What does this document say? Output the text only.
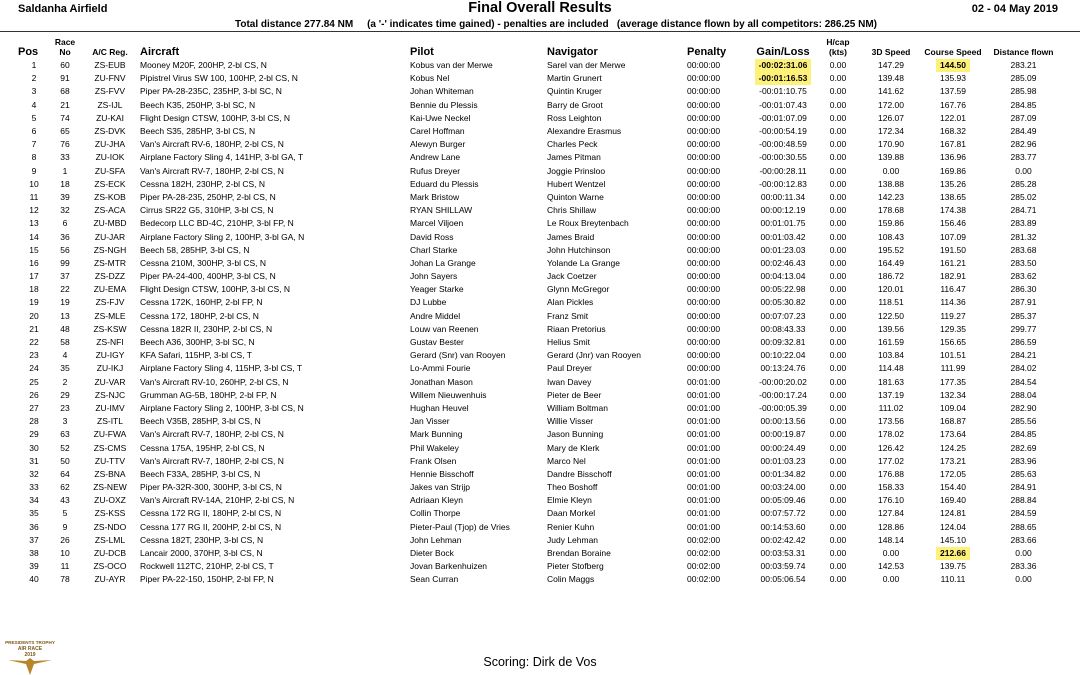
Saldanha Airfield	Final Overall Results	02 - 04 May 2019
Total distance 277.84 NM     (a '-' indicates time gained) - penalties are included   (average distance flown by all competitors: 286.25 NM)
Pos	Race No	A/C Reg.	Aircraft	Pilot	Navigator	Penalty	Gain/Loss	H/cap (kts)	3D Speed	Course Speed	Distance flown
1	60	ZS-EUB	Mooney M20F, 200HP, 2-bl CS, N	Kobus van der Merwe	Sarel van der Merwe	00:00:00	-00:02:31.06	0.00	147.29	144.50	283.21
2	91	ZU-FNV	Pipistrel Virus SW 100, 100HP, 2-bl CS, N	Kobus Nel	Martin Grunert	00:00:00	-00:01:16.53	0.00	139.48	135.93	285.09
3	68	ZS-FVV	Piper PA-28-235C, 235HP, 3-bl SC, N	Johan Whiteman	Quintin Kruger	00:00:00	-00:01:10.75	0.00	141.62	137.59	285.98
4	21	ZS-IJL	Beech K35, 250HP, 3-bl SC, N	Bennie du Plessis	Barry de Groot	00:00:00	-00:01:07.43	0.00	172.00	167.76	284.85
5	74	ZU-KAI	Flight Design CTSW, 100HP, 3-bl CS, N	Kai-Uwe Neckel	Ross Leighton	00:00:00	-00:01:07.09	0.00	126.07	122.01	287.09
6	65	ZS-DVK	Beech S35, 285HP, 3-bl CS, N	Carel Hoffman	Alexandre Erasmus	00:00:00	-00:00:54.19	0.00	172.34	168.32	284.49
7	76	ZU-JHA	Van's Aircraft RV-6, 180HP, 2-bl CS, N	Alewyn Burger	Charles Peck	00:00:00	-00:00:48.59	0.00	170.90	167.81	282.96
8	33	ZU-IOK	Airplane Factory Sling 4, 141HP, 3-bl GA, T	Andrew Lane	James Pitman	00:00:00	-00:00:30.55	0.00	139.88	136.96	283.77
9	1	ZU-SFA	Van's Aircraft RV-7, 180HP, 2-bl CS, N	Rufus Dreyer	Joggie Prinsloo	00:00:00	-00:00:28.11	0.00	0.00	169.86	0.00
10	18	ZS-ECK	Cessna 182H, 230HP, 2-bl CS, N	Eduard du Plessis	Hubert Wentzel	00:00:00	-00:00:12.83	0.00	138.88	135.26	285.28
11	39	ZS-KOB	Piper PA-28-235, 250HP, 2-bl CS, N	Mark Bristow	Quinton Warne	00:00:00	00:00:11.34	0.00	142.23	138.65	285.02
12	32	ZS-ACA	Cirrus SR22 G5, 310HP, 3-bl CS, N	RYAN SHILLAW	Chris Shillaw	00:00:00	00:00:12.19	0.00	178.68	174.38	284.71
13	6	ZU-MBD	Bedecorp LLC BD-4C, 210HP, 3-bl FP, N	Marcel Viljoen	Le Roux Breytenbach	00:00:00	00:01:01.75	0.00	159.86	156.46	283.89
14	36	ZU-JAR	Airplane Factory Sling 2, 100HP, 3-bl GA, N	David Ross	James Braid	00:00:00	00:01:03.42	0.00	108.43	107.09	281.32
15	56	ZS-NGH	Beech 58, 285HP, 3-bl CS, N	Charl Starke	John Hutchinson	00:00:00	00:01:23.03	0.00	195.52	191.50	283.68
16	99	ZS-MTR	Cessna 210M, 300HP, 3-bl CS, N	Johan La Grange	Yolande La Grange	00:00:00	00:02:46.43	0.00	164.49	161.21	283.50
17	37	ZS-DZZ	Piper PA-24-400, 400HP, 3-bl CS, N	John Sayers	Jack Coetzer	00:00:00	00:04:13.04	0.00	186.72	182.91	283.62
18	22	ZU-EMA	Flight Design CTSW, 100HP, 3-bl CS, N	Yeager Starke	Glynn McGregor	00:00:00	00:05:22.98	0.00	120.01	116.47	286.30
19	19	ZS-FJV	Cessna 172K, 160HP, 2-bl FP, N	DJ Lubbe	Alan Pickles	00:00:00	00:05:30.82	0.00	118.51	114.36	287.91
20	13	ZS-MLE	Cessna 172, 180HP, 2-bl CS, N	Andre Middel	Franz Smit	00:00:00	00:07:07.23	0.00	122.50	119.27	285.37
21	48	ZS-KSW	Cessna 182R II, 230HP, 2-bl CS, N	Louw van Reenen	Riaan Pretorius	00:00:00	00:08:43.33	0.00	139.56	129.35	299.77
22	58	ZS-NFI	Beech A36, 300HP, 3-bl SC, N	Gustav Bester	Helius Smit	00:00:00	00:09:32.81	0.00	161.59	156.65	286.59
23	4	ZU-IGY	KFA Safari, 115HP, 3-bl CS, T	Gerard (Snr) van Rooyen	Gerard (Jnr) van Rooyen	00:00:00	00:10:22.04	0.00	103.84	101.51	284.21
24	35	ZU-IKJ	Airplane Factory Sling 4, 115HP, 3-bl CS, T	Lo-Ammi Fourie	Paul Dreyer	00:00:00	00:13:24.76	0.00	114.48	111.99	284.02
25	2	ZU-VAR	Van's Aircraft RV-10, 260HP, 2-bl CS, N	Jonathan Mason	Iwan Davey	00:01:00	-00:00:20.02	0.00	181.63	177.35	284.54
26	29	ZS-NJC	Grumman AG-5B, 180HP, 2-bl FP, N	Willem Nieuwenhuis	Pieter de Beer	00:01:00	-00:00:17.24	0.00	137.19	132.34	288.04
27	23	ZU-IMV	Airplane Factory Sling 2, 100HP, 3-bl CS, N	Hughan Heuvel	William Boltman	00:01:00	-00:00:05.39	0.00	111.02	109.04	282.90
28	3	ZS-ITL	Beech V35B, 285HP, 3-bl CS, N	Jan Visser	Willie Visser	00:01:00	00:00:13.56	0.00	173.56	168.87	285.56
29	63	ZU-FWA	Van's Aircraft RV-7, 180HP, 2-bl CS, N	Mark Bunning	Jason Bunning	00:01:00	00:00:19.87	0.00	178.02	173.64	284.85
30	52	ZS-CMS	Cessna 175A, 195HP, 2-bl CS, N	Phil Wakeley	Mary de Klerk	00:01:00	00:00:24.49	0.00	126.42	124.25	282.69
31	50	ZU-TTV	Van's Aircraft RV-7, 180HP, 2-bl CS, N	Frank Olsen	Marco Nel	00:01:00	00:01:03.23	0.00	177.02	173.21	283.96
32	64	ZS-BNA	Beech F33A, 285HP, 3-bl CS, N	Hennie Bisschoff	Dandre Bisschoff	00:01:00	00:01:34.82	0.00	176.88	172.05	285.63
33	62	ZS-NEW	Piper PA-32R-300, 300HP, 3-bl CS, N	Jakes van Strijp	Theo Boshoff	00:01:00	00:03:24.00	0.00	158.33	154.40	284.91
34	43	ZU-OXZ	Van's Aircraft RV-14A, 210HP, 2-bl CS, N	Adriaan Kleyn	Elmie Kleyn	00:01:00	00:05:09.46	0.00	176.10	169.40	288.84
35	5	ZS-KSS	Cessna 172 RG II, 180HP, 2-bl CS, N	Collin Thorpe	Daan Morkel	00:01:00	00:07:57.72	0.00	127.84	124.81	284.59
36	9	ZS-NDO	Cessna 177 RG II, 200HP, 2-bl CS, N	Pieter-Paul (Tjop) de Vries	Renier Kuhn	00:01:00	00:14:53.60	0.00	128.86	124.04	288.65
37	26	ZS-LML	Cessna 182T, 230HP, 3-bl CS, N	John Lehman	Judy Lehman	00:02:00	00:02:42.42	0.00	148.14	145.10	283.66
38	10	ZU-DCB	Lancair 2000, 370HP, 3-bl CS, N	Dieter Bock	Brendan Boraine	00:02:00	00:03:53.31	0.00	0.00	212.66	0.00
39	11	ZS-OCO	Rockwell 112TC, 210HP, 2-bl CS, T	Jovan Barkenhuizen	Pieter Stofberg	00:02:00	00:03:59.74	0.00	142.53	139.75	283.36
40	78	ZU-AYR	Piper PA-22-150, 150HP, 2-bl FP, N	Sean Curran	Colin Maggs	00:02:00	00:05:06.54	0.00	0.00	110.11	0.00
PRESIDENTS TROPHY
AIR RACE
2019	Scoring: Dirk de Vos
